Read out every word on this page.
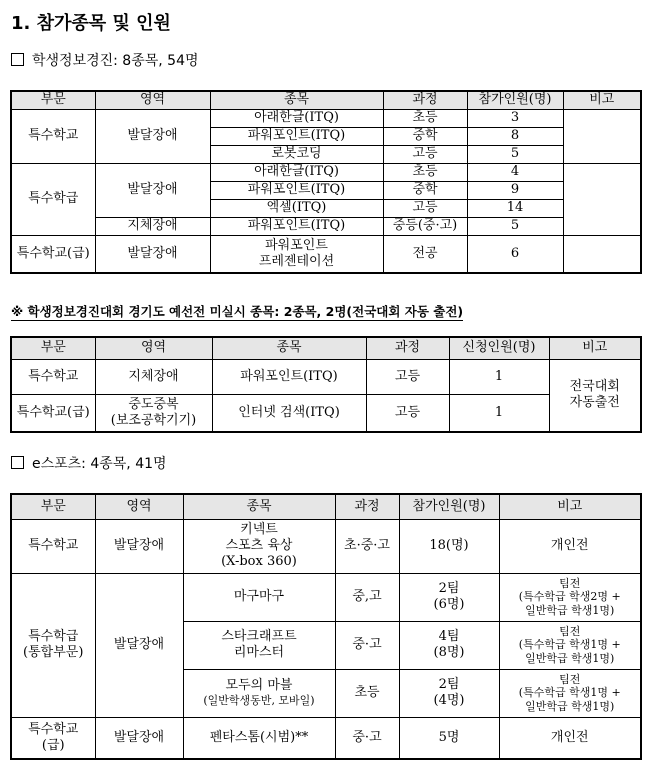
1. 참가종목 및 인원
학생정보경진: 8종목, 54명
부문	영역	종목	과정	참가인원(명)	비고
특수학교	발달장애	아래한글(ITQ)	초등	3	
		파워포인트(ITQ)	중학	8	
		로봇코딩	고등	5	
특수학급	발달장애	아래한글(ITQ)	초등	4	
		파워포인트(ITQ)	중학	9	
		엑셀(ITQ)	고등	14	
	지체장애	파워포인트(ITQ)	중등(중·고)	5	
특수학교(급)	발달장애	파워포인트
프레젠테이션	전공	6	
※ 학생정보경진대회 경기도 예선전 미실시 종목: 2종목, 2명(전국대회 자동 출전)
부문	영역	종목	과정	신청인원(명)	비고
특수학교	지체장애	파워포인트(ITQ)	고등	1	전국대회
자동출전

특수학교(급)	중도중복
(보조공학기기)	인터넷 검색(ITQ)	고등	1	
e스포츠: 4종목, 41명
부문	영역	종목	과정	참가인원(명)	비고
특수학교	발달장애	키넥트
스포츠 육상
(X-box 360)	초·중·고	18(명)	개인전

특수학급
(통합부문)	발달장애	마구마구	중,고	2팀
(6명)	팀전
(특수학급 학생2명 +
일반학급 학생1명)

		스타크래프트
리마스터	중·고	4팀
(8명)	팀전
(특수학급 학생1명 +
일반학급 학생1명)

		모두의 마블
(일반학생동반, 모바일)	초등	2팀
(4명)	팀전
(특수학급 학생1명 +
일반학급 학생1명)

특수학교
(급)	발달장애	펜타스톰(시범)**	중·고	5명	개인전
